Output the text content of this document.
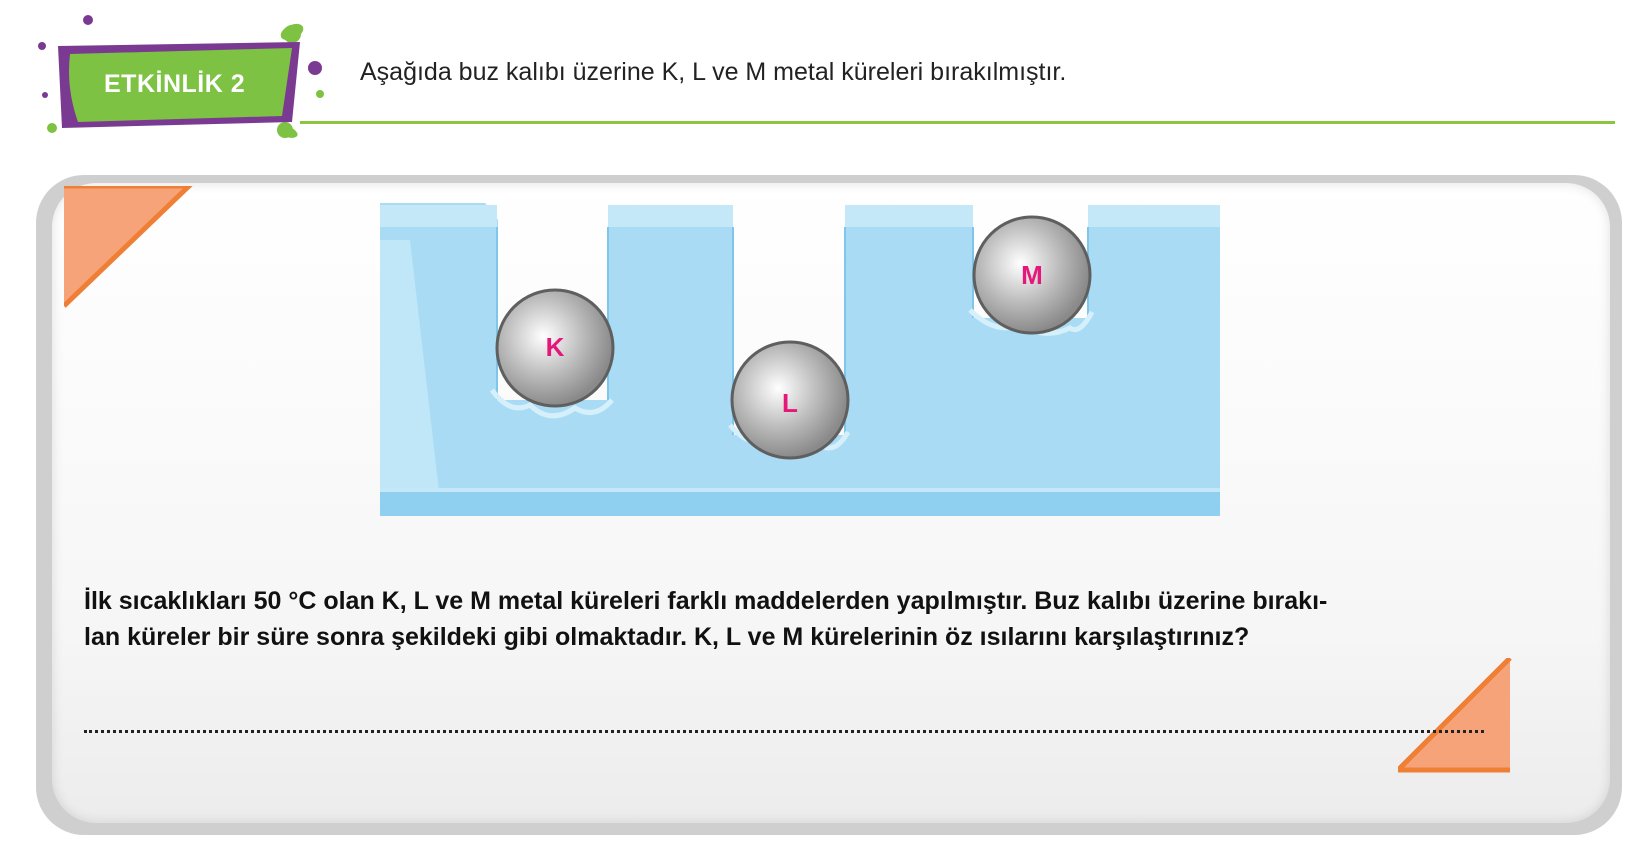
ETKİNLİK 2	Aşağıda buz kalıbı üzerine K, L ve M metal küreleri bırakılmıştır.
K
L
M
İlk sıcaklıkları 50 °C olan K, L ve M metal küreleri farklı maddelerden yapılmıştır. Buz kalıbı üzerine bırakı-
lan küreler bir süre sonra şekildeki gibi olmaktadır. K, L ve M kürelerinin öz ısılarını karşılaştırınız?
